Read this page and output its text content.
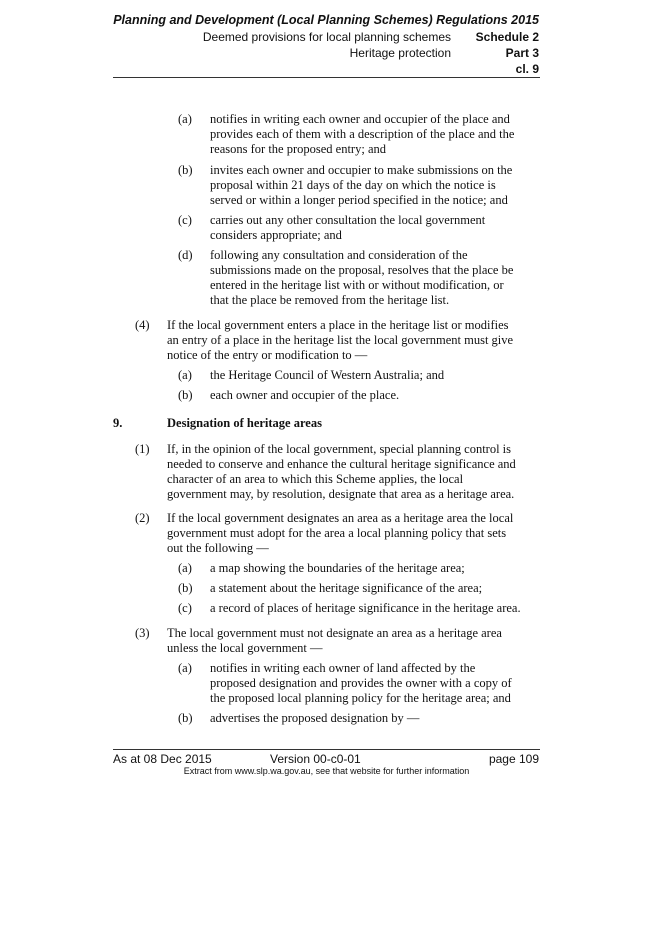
Planning and Development (Local Planning Schemes) Regulations 2015
Deemed provisions for local planning schemes	Schedule 2
Heritage protection	Part 3
cl. 9
(a) notifies in writing each owner and occupier of the place and
provides each of them with a description of the place and the
reasons for the proposed entry; and
(b) invites each owner and occupier to make submissions on the
proposal within 21 days of the day on which the notice is
served or within a longer period specified in the notice; and
(c) carries out any other consultation the local government
considers appropriate; and
(d) following any consultation and consideration of the
submissions made on the proposal, resolves that the place be
entered in the heritage list with or without modification, or
that the place be removed from the heritage list.
(4) If the local government enters a place in the heritage list or modifies
an entry of a place in the heritage list the local government must give
notice of the entry or modification to —
(a) the Heritage Council of Western Australia; and
(b) each owner and occupier of the place.
9.	Designation of heritage areas
(1) If, in the opinion of the local government, special planning control is
needed to conserve and enhance the cultural heritage significance and
character of an area to which this Scheme applies, the local
government may, by resolution, designate that area as a heritage area.
(2) If the local government designates an area as a heritage area the local
government must adopt for the area a local planning policy that sets
out the following —
(a) a map showing the boundaries of the heritage area;
(b) a statement about the heritage significance of the area;
(c) a record of places of heritage significance in the heritage area.
(3) The local government must not designate an area as a heritage area
unless the local government —
(a) notifies in writing each owner of land affected by the
proposed designation and provides the owner with a copy of
the proposed local planning policy for the heritage area; and
(b) advertises the proposed designation by —
As at 08 Dec 2015	Version 00-c0-01	page 109
Extract from www.slp.wa.gov.au, see that website for further information
